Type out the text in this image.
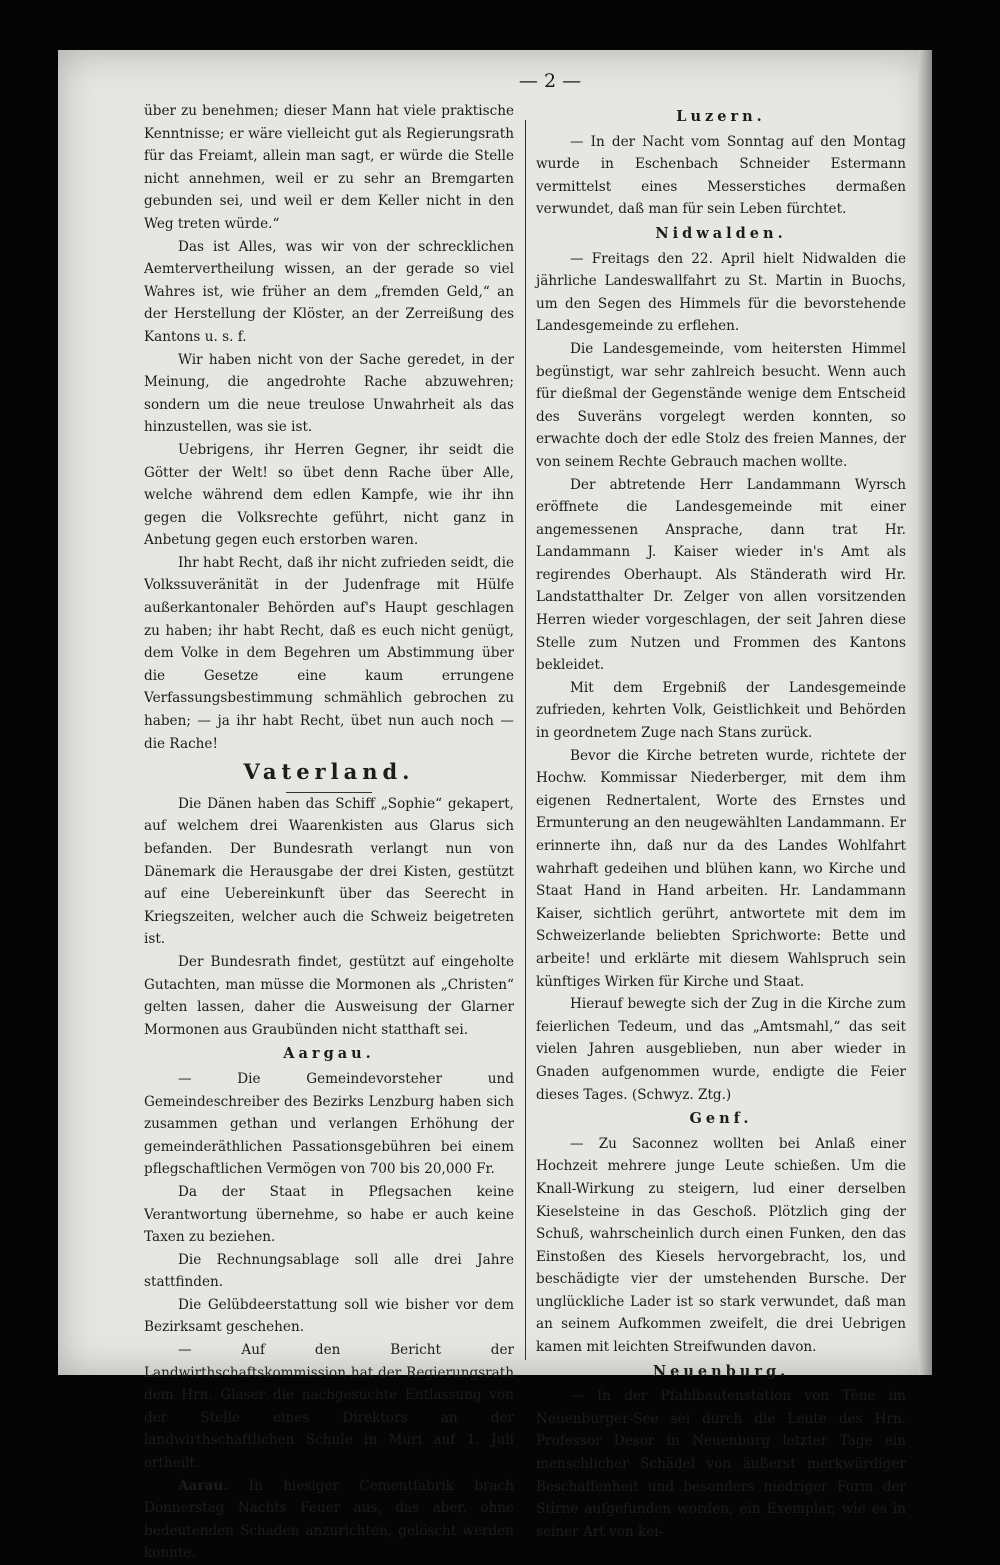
— 2 —

über zu benehmen; dieser Mann hat viele praktische Kenntnisse; er wäre vielleicht gut als Regierungsrath für das Freiamt, allein man sagt, er würde die Stelle nicht annehmen, weil er zu sehr an Bremgarten gebunden sei, und weil er dem Keller nicht in den Weg treten würde.“

Das ist Alles, was wir von der schrecklichen Aemtervertheilung wissen, an der gerade so viel Wahres ist, wie früher an dem „fremden Geld,“ an der Herstellung der Klöster, an der Zerreißung des Kantons u. s. f.

Wir haben nicht von der Sache geredet, in der Meinung, die angedrohte Rache abzuwehren; sondern um die neue treulose Unwahrheit als das hinzustellen, was sie ist.

Uebrigens, ihr Herren Gegner, ihr seidt die Götter der Welt! so übet denn Rache über Alle, welche während dem edlen Kampfe, wie ihr ihn gegen die Volksrechte geführt, nicht ganz in Anbetung gegen euch erstorben waren.

Ihr habt Recht, daß ihr nicht zufrieden seidt, die Volkssuveränität in der Judenfrage mit Hülfe außerkantonaler Behörden auf's Haupt geschlagen zu haben; ihr habt Recht, daß es euch nicht genügt, dem Volke in dem Begehren um Abstimmung über die Gesetze eine kaum errungene Verfassungsbestimmung schmählich gebrochen zu haben; — ja ihr habt Recht, übet nun auch noch — die Rache!

Vaterland.

Die Dänen haben das Schiff „Sophie“ gekapert, auf welchem drei Waarenkisten aus Glarus sich befanden. Der Bundesrath verlangt nun von Dänemark die Herausgabe der drei Kisten, gestützt auf eine Uebereinkunft über das Seerecht in Kriegszeiten, welcher auch die Schweiz beigetreten ist.

Der Bundesrath findet, gestützt auf eingeholte Gutachten, man müsse die Mormonen als „Christen“ gelten lassen, daher die Ausweisung der Glarner Mormonen aus Graubünden nicht statthaft sei.

Aargau.

— Die Gemeindevorsteher und Gemeindeschreiber des Bezirks Lenzburg haben sich zusammen gethan und verlangen Erhöhung der gemeinderäthlichen Passationsgebühren bei einem pflegschaftlichen Vermögen von 700 bis 20,000 Fr.

Da der Staat in Pflegsachen keine Verantwortung übernehme, so habe er auch keine Taxen zu beziehen.

Die Rechnungsablage soll alle drei Jahre stattfinden.

Die Gelübdeerstattung soll wie bisher vor dem Bezirksamt geschehen.

— Auf den Bericht der Landwirthschaftskommission hat der Regierungsrath dem Hrn. Glaser die nachgesuchte Entlassung von der Stelle eines Direktors an der landwirthschaftlichen Schule in Muri auf 1. Juli ertheilt.

Aarau. In hiesiger Cementfabrik brach Donnerstag Nachts Feuer aus, das aber, ohne bedeutenden Schaden anzurichten, gelöscht werden konnte.

Luzern.

— In der Nacht vom Sonntag auf den Montag wurde in Eschenbach Schneider Estermann vermittelst eines Messerstiches dermaßen verwundet, daß man für sein Leben fürchtet.

Nidwalden.

— Freitags den 22. April hielt Nidwalden die jährliche Landeswallfahrt zu St. Martin in Buochs, um den Segen des Himmels für die bevorstehende Landesgemeinde zu erflehen.

Die Landesgemeinde, vom heitersten Himmel begünstigt, war sehr zahlreich besucht. Wenn auch für dießmal der Gegenstände wenige dem Entscheid des Suveräns vorgelegt werden konnten, so erwachte doch der edle Stolz des freien Mannes, der von seinem Rechte Gebrauch machen wollte.

Der abtretende Herr Landammann Wyrsch eröffnete die Landesgemeinde mit einer angemessenen Ansprache, dann trat Hr. Landammann J. Kaiser wieder in's Amt als regirendes Oberhaupt. Als Ständerath wird Hr. Landstatthalter Dr. Zelger von allen vorsitzenden Herren wieder vorgeschlagen, der seit Jahren diese Stelle zum Nutzen und Frommen des Kantons bekleidet.

Mit dem Ergebniß der Landesgemeinde zufrieden, kehrten Volk, Geistlichkeit und Behörden in geordnetem Zuge nach Stans zurück.

Bevor die Kirche betreten wurde, richtete der Hochw. Kommissar Niederberger, mit dem ihm eigenen Rednertalent, Worte des Ernstes und Ermunterung an den neugewählten Landammann. Er erinnerte ihn, daß nur da des Landes Wohlfahrt wahrhaft gedeihen und blühen kann, wo Kirche und Staat Hand in Hand arbeiten. Hr. Landammann Kaiser, sichtlich gerührt, antwortete mit dem im Schweizerlande beliebten Sprichworte: Bette und arbeite! und erklärte mit diesem Wahlspruch sein künftiges Wirken für Kirche und Staat.

Hierauf bewegte sich der Zug in die Kirche zum feierlichen Tedeum, und das „Amtsmahl,“ das seit vielen Jahren ausgeblieben, nun aber wieder in Gnaden aufgenommen wurde, endigte die Feier dieses Tages. (Schwyz. Ztg.)

Genf.

— Zu Saconnez wollten bei Anlaß einer Hochzeit mehrere junge Leute schießen. Um die Knall-Wirkung zu steigern, lud einer derselben Kieselsteine in das Geschoß. Plötzlich ging der Schuß, wahrscheinlich durch einen Funken, den das Einstoßen des Kiesels hervorgebracht, los, und beschädigte vier der umstehenden Bursche. Der unglückliche Lader ist so stark verwundet, daß man an seinem Aufkommen zweifelt, die drei Uebrigen kamen mit leichten Streifwunden davon.

Neuenburg.

— In der Pfahlbautenstation von Tène im Neuenburger-See sei durch die Leute des Hrn. Professor Desor in Neuenburg letzter Tage ein menschlicher Schädel von äußerst merkwürdiger Beschaffenheit und besonders niedriger Form der Stirne aufgefunden worden, ein Exemplar, wie es in seiner Art von kei-
